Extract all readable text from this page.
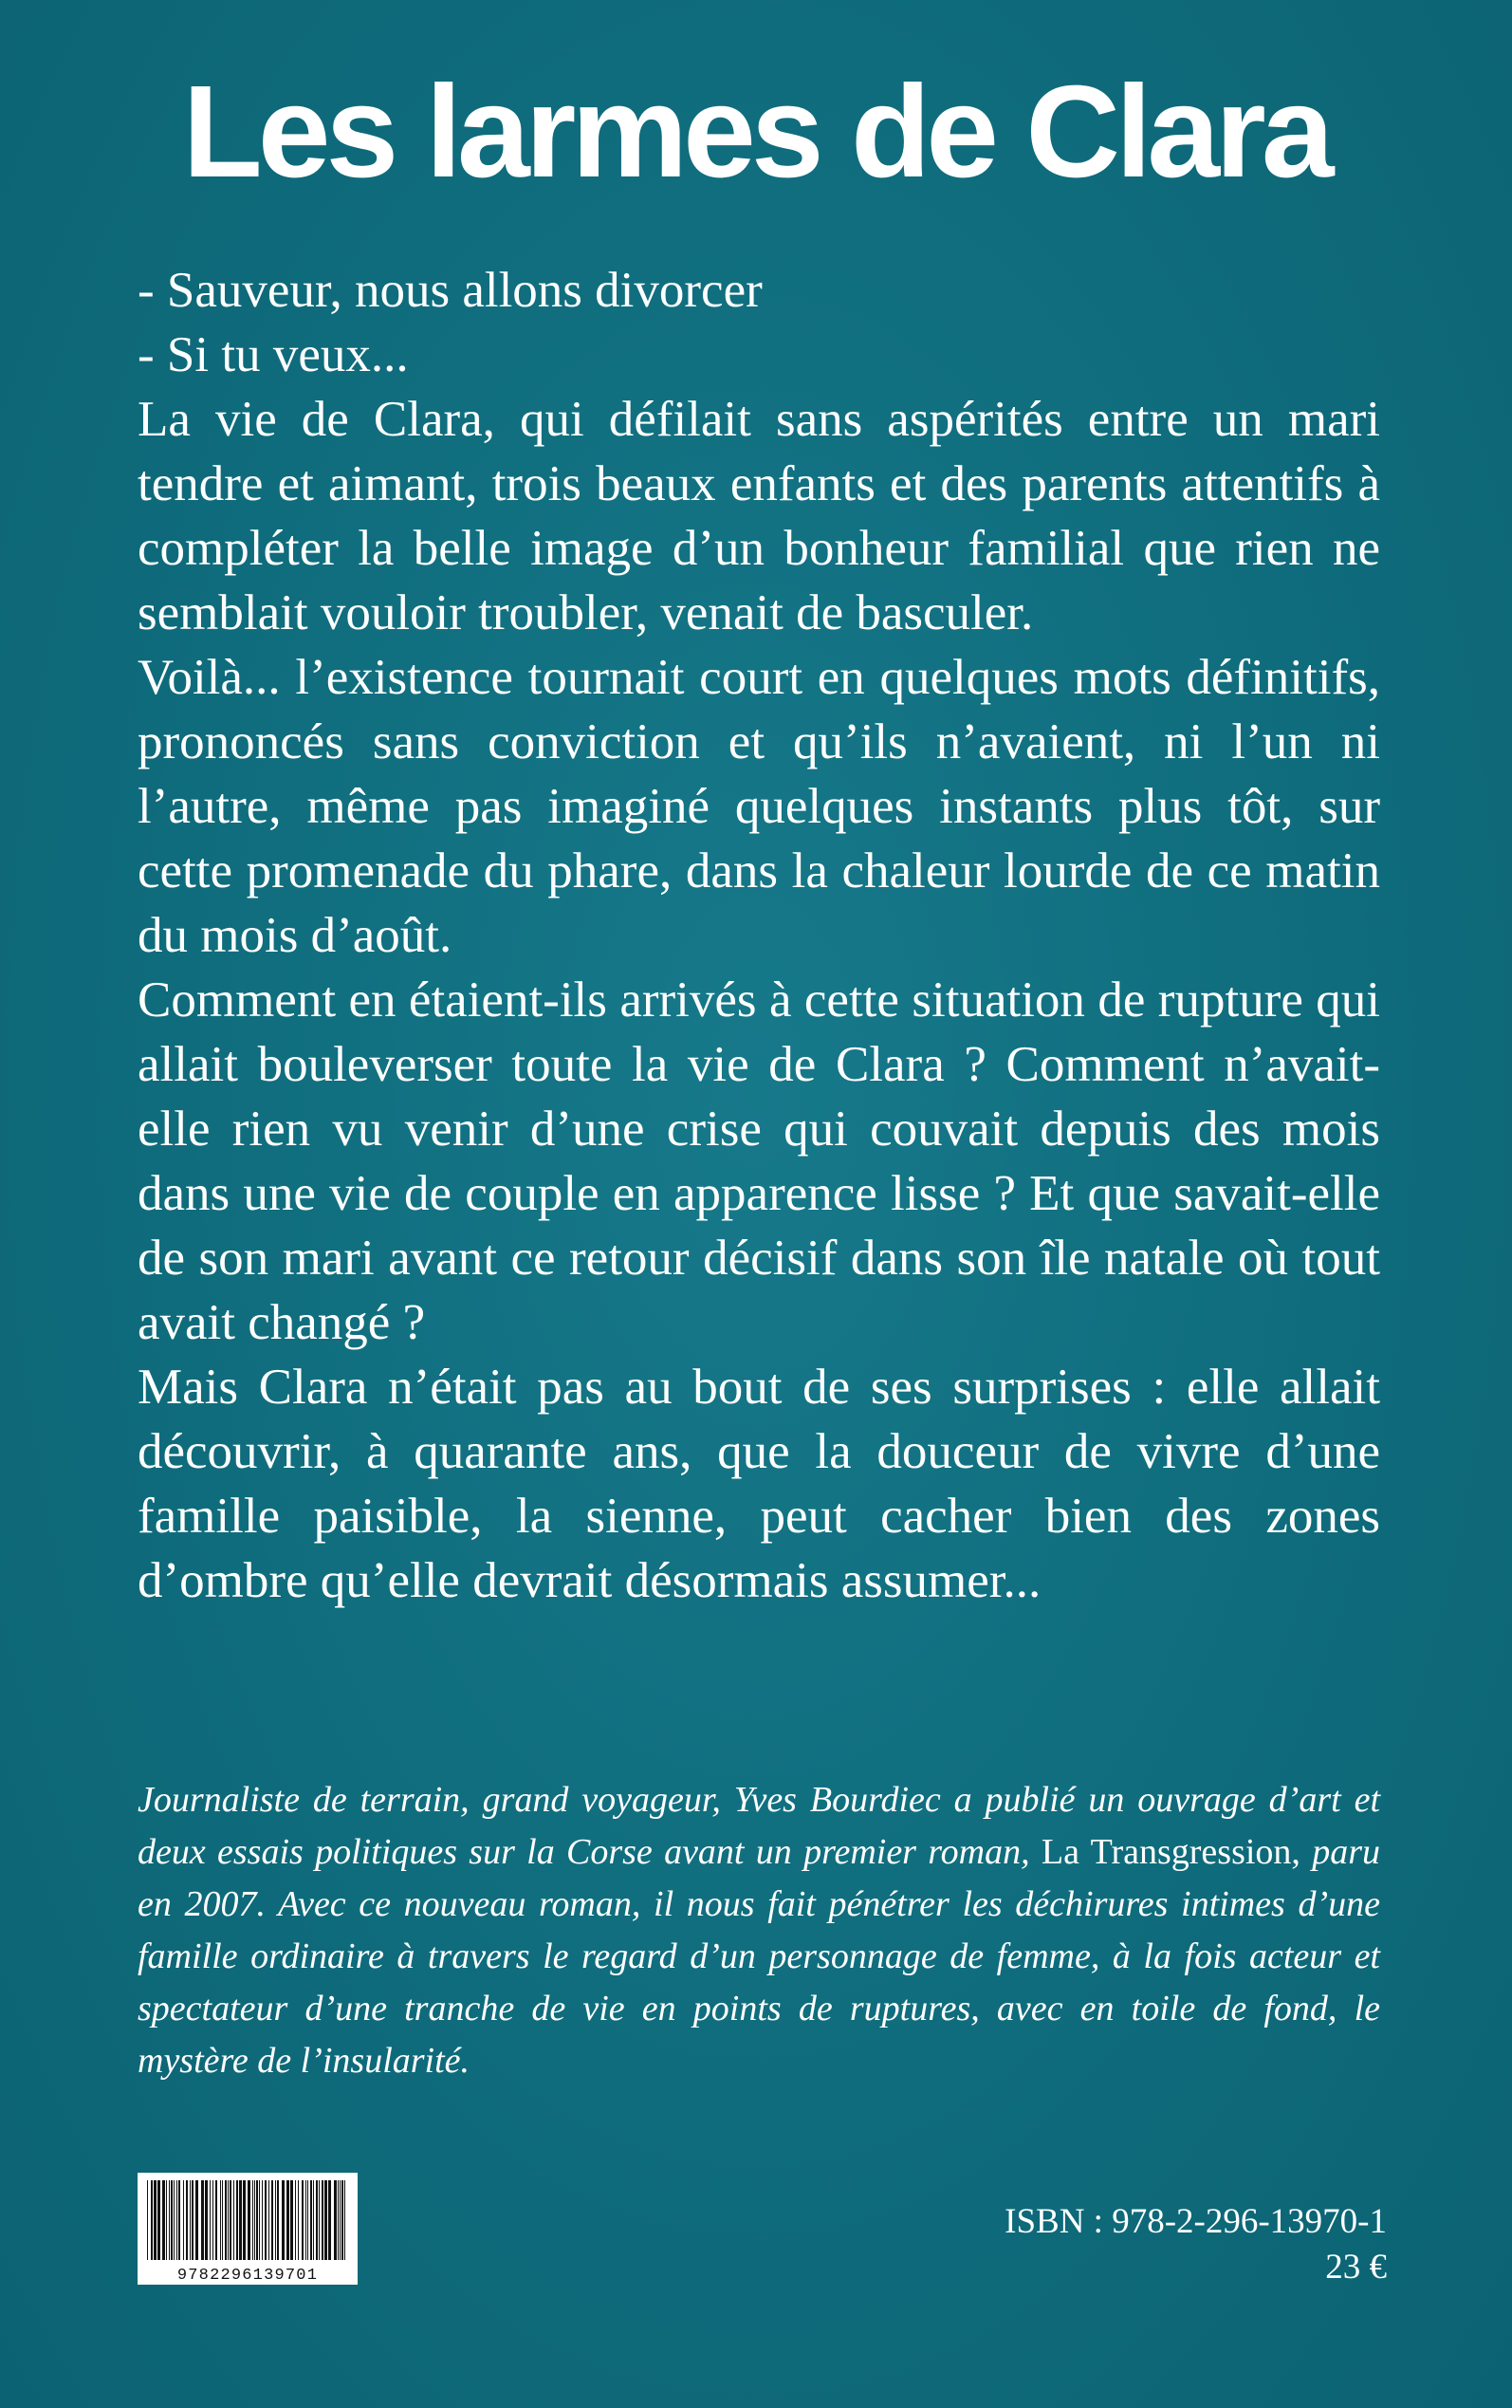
Les larmes de Clara

- Sauveur, nous allons divorcer

- Si tu veux...

La vie de Clara, qui défilait sans aspérités entre un mari tendre et aimant, trois beaux enfants et des parents attentifs à compléter la belle image d’un bonheur familial que rien ne semblait vouloir troubler, venait de basculer.

Voilà... l’existence tournait court en quelques mots définitifs, prononcés sans conviction et qu’ils n’avaient, ni l’un ni l’autre, même pas imaginé quelques instants plus tôt, sur cette promenade du phare, dans la chaleur lourde de ce matin du mois d’août.

Comment en étaient-ils arrivés à cette situation de rupture qui allait bouleverser toute la vie de Clara ? Comment n’avait-elle rien vu venir d’une crise qui couvait depuis des mois dans une vie de couple en apparence lisse ? Et que savait-elle de son mari avant ce retour décisif dans son île natale où tout avait changé ?

Mais Clara n’était pas au bout de ses surprises : elle allait découvrir, à quarante ans, que la douceur de vivre d’une famille paisible, la sienne, peut cacher bien des zones d’ombre qu’elle devrait désormais assumer...

Journaliste de terrain, grand voyageur, Yves Bourdiec a publié un ouvrage d’art et deux essais politiques sur la Corse avant un premier roman, La Transgression, paru en 2007. Avec ce nouveau roman, il nous fait pénétrer les déchirures intimes d’une famille ordinaire à travers le regard d’un personnage de femme, à la fois acteur et spectateur d’une tranche de vie en points de ruptures, avec en toile de fond, le mystère de l’insularité.

9782296139701
ISBN : 978-2-296-13970-1
23 €
